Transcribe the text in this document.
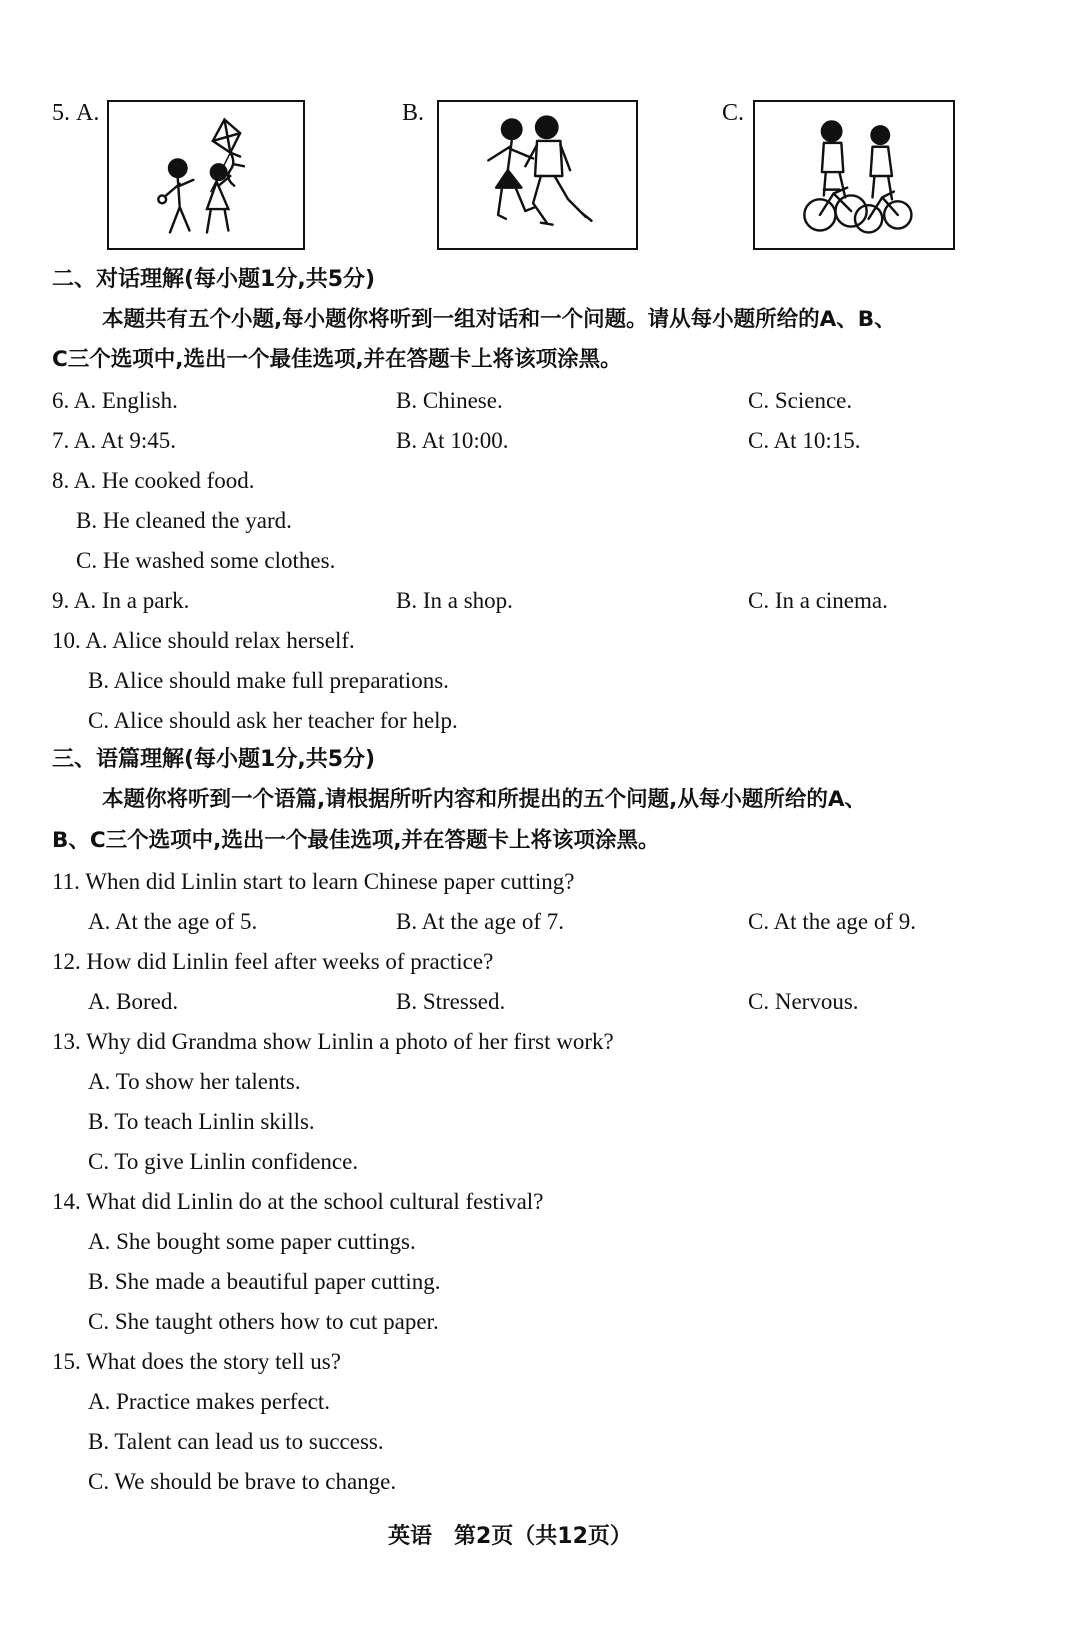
5. A.	B.	C.
二、对话理解(每小题1分,共5分)
本题共有五个小题,每小题你将听到一组对话和一个问题。请从每小题所给的A、B、
C三个选项中,选出一个最佳选项,并在答题卡上将该项涂黑。
6. A. English.	B. Chinese.	C. Science.
7. A. At 9:45.	B. At 10:00.	C. At 10:15.
8. A. He cooked food.
B. He cleaned the yard.
C. He washed some clothes.
9. A. In a park.	B. In a shop.	C. In a cinema.
10. A. Alice should relax herself.
B. Alice should make full preparations.
C. Alice should ask her teacher for help.
三、语篇理解(每小题1分,共5分)
本题你将听到一个语篇,请根据所听内容和所提出的五个问题,从每小题所给的A、
B、C三个选项中,选出一个最佳选项,并在答题卡上将该项涂黑。
11. When did Linlin start to learn Chinese paper cutting?
A. At the age of 5.	B. At the age of 7.	C. At the age of 9.
12. How did Linlin feel after weeks of practice?
A. Bored.	B. Stressed.	C. Nervous.
13. Why did Grandma show Linlin a photo of her first work?
A. To show her talents.
B. To teach Linlin skills.
C. To give Linlin confidence.
14. What did Linlin do at the school cultural festival?
A. She bought some paper cuttings.
B. She made a beautiful paper cutting.
C. She taught others how to cut paper.
15. What does the story tell us?
A. Practice makes perfect.
B. Talent can lead us to success.
C. We should be brave to change.
英语　第2页（共12页）
